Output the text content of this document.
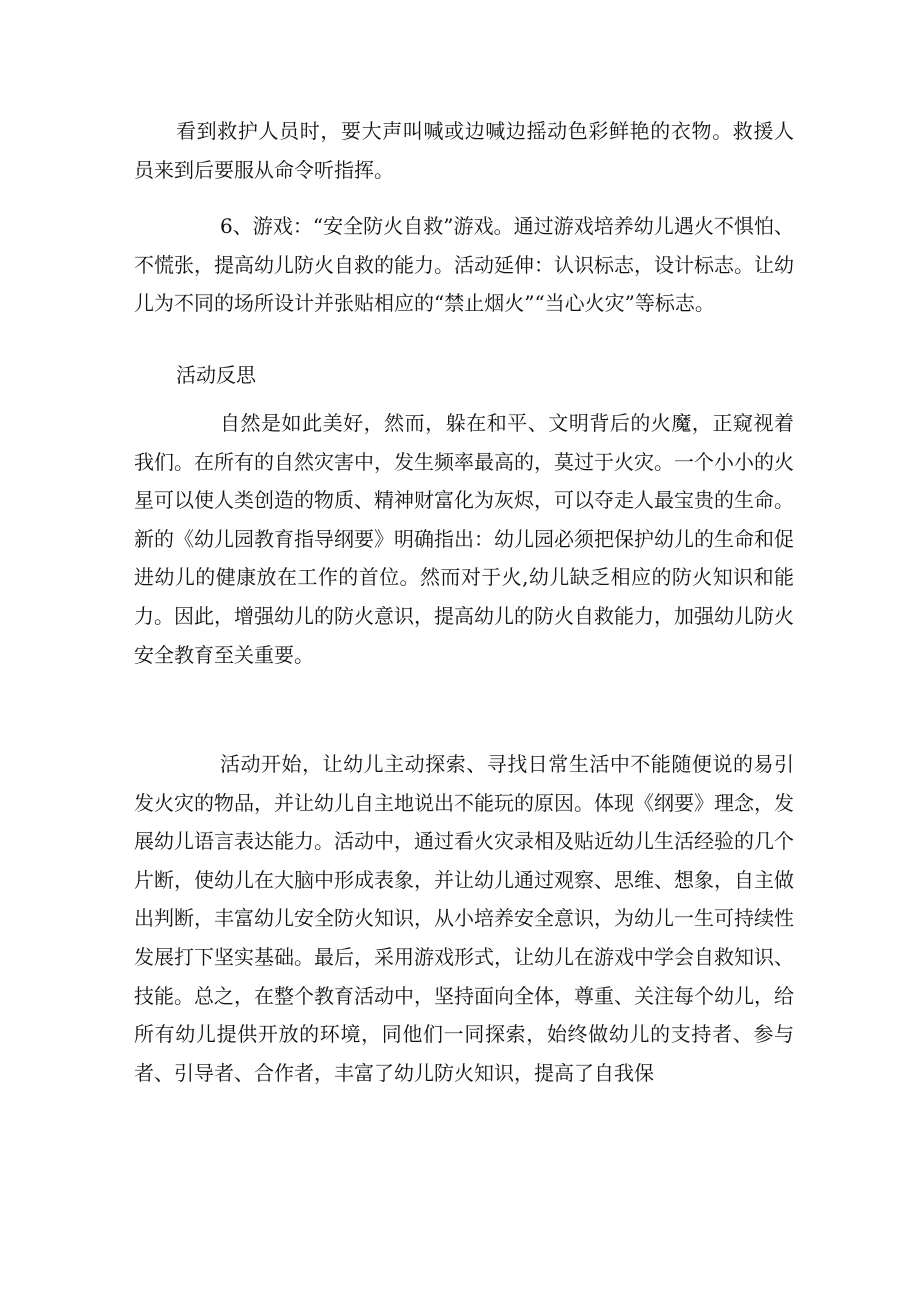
看到救护人员时，要大声叫喊或边喊边摇动色彩鲜艳的衣物。救援人员来到后要服从命令听指挥。

6、游戏：“安全防火自救”游戏。通过游戏培养幼儿遇火不惧怕、不慌张，提高幼儿防火自救的能力。活动延伸：认识标志，设计标志。让幼儿为不同的场所设计并张贴相应的“禁止烟火”“当心火灾”等标志。

活动反思

自然是如此美好，然而，躲在和平、文明背后的火魔，正窥视着我们。在所有的自然灾害中，发生频率最高的，莫过于火灾。一个小小的火星可以使人类创造的物质、精神财富化为灰烬，可以夺走人最宝贵的生命。新的《幼儿园教育指导纲要》明确指出：幼儿园必须把保护幼儿的生命和促进幼儿的健康放在工作的首位。然而对于火,幼儿缺乏相应的防火知识和能力。因此，增强幼儿的防火意识，提高幼儿的防火自救能力，加强幼儿防火安全教育至关重要。

活动开始，让幼儿主动探索、寻找日常生活中不能随便说的易引发火灾的物品，并让幼儿自主地说出不能玩的原因。体现《纲要》理念，发展幼儿语言表达能力。活动中，通过看火灾录相及贴近幼儿生活经验的几个片断，使幼儿在大脑中形成表象，并让幼儿通过观察、思维、想象，自主做出判断，丰富幼儿安全防火知识，从小培养安全意识，为幼儿一生可持续性发展打下坚实基础。最后，采用游戏形式，让幼儿在游戏中学会自救知识、技能。总之，在整个教育活动中，坚持面向全体，尊重、关注每个幼儿，给所有幼儿提供开放的环境，同他们一同探索，始终做幼儿的支持者、参与者、引导者、合作者，丰富了幼儿防火知识，提高了自我保
